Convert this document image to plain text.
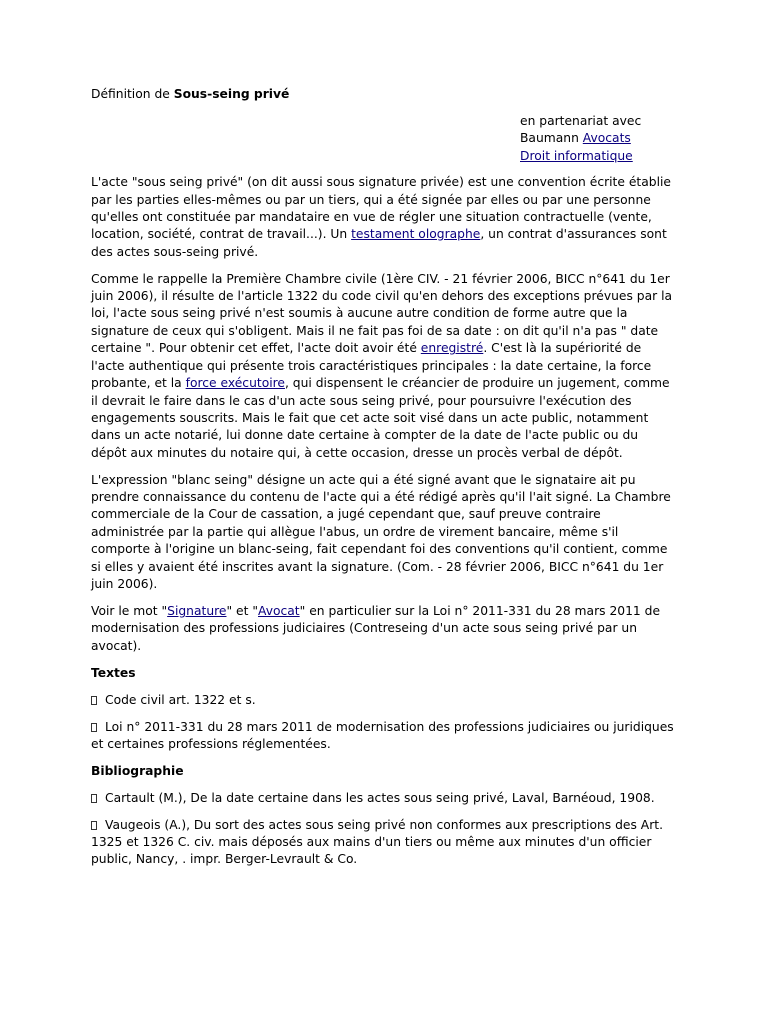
Définition de Sous-seing privé

en partenariat avec
Baumann Avocats
Droit informatique

L'acte "sous seing privé" (on dit aussi sous signature privée) est une convention écrite établie par les parties elles-mêmes ou par un tiers, qui a été signée par elles ou par une personne qu'elles ont constituée par mandataire en vue de régler une situation contractuelle (vente, location, société, contrat de travail...). Un testament olographe, un contrat d'assurances sont des actes sous-seing privé.

Comme le rappelle la Première Chambre civile (1ère CIV. - 21 février 2006, BICC n°641 du 1er juin 2006), il résulte de l'article 1322 du code civil qu'en dehors des exceptions prévues par la loi, l'acte sous seing privé n'est soumis à aucune autre condition de forme autre que la signature de ceux qui s'obligent. Mais il ne fait pas foi de sa date : on dit qu'il n'a pas " date certaine ". Pour obtenir cet effet, l'acte doit avoir été enregistré. C'est là la supériorité de l'acte authentique qui présente trois caractéristiques principales : la date certaine, la force probante, et la force exécutoire, qui dispensent le créancier de produire un jugement, comme il devrait le faire dans le cas d'un acte sous seing privé, pour poursuivre l'exécution des engagements souscrits. Mais le fait que cet acte soit visé dans un acte public, notamment dans un acte notarié, lui donne date certaine à compter de la date de l'acte public ou du dépôt aux minutes du notaire qui, à cette occasion, dresse un procès verbal de dépôt.

L'expression "blanc seing" désigne un acte qui a été signé avant que le signataire ait pu prendre connaissance du contenu de l'acte qui a été rédigé après qu'il l'ait signé. La Chambre commerciale de la Cour de cassation, a jugé cependant que, sauf preuve contraire administrée par la partie qui allègue l'abus, un ordre de virement bancaire, même s'il comporte à l'origine un blanc-seing, fait cependant foi des conventions qu'il contient, comme si elles y avaient été inscrites avant la signature. (Com. - 28 février 2006, BICC n°641 du 1er juin 2006).

Voir le mot "Signature" et "Avocat" en particulier sur la Loi n° 2011-331 du 28 mars 2011 de modernisation des professions judiciaires (Contreseing d'un acte sous seing privé par un avocat).

Textes

Code civil art. 1322 et s.

Loi n° 2011-331 du 28 mars 2011 de modernisation des professions judiciaires ou juridiques et certaines professions réglementées.

Bibliographie

Cartault (M.), De la date certaine dans les actes sous seing privé, Laval, Barnéoud, 1908.

Vaugeois (A.), Du sort des actes sous seing privé non conformes aux prescriptions des Art. 1325 et 1326 C. civ. mais déposés aux mains d'un tiers ou même aux minutes d'un officier public, Nancy, . impr. Berger-Levrault & Co.
